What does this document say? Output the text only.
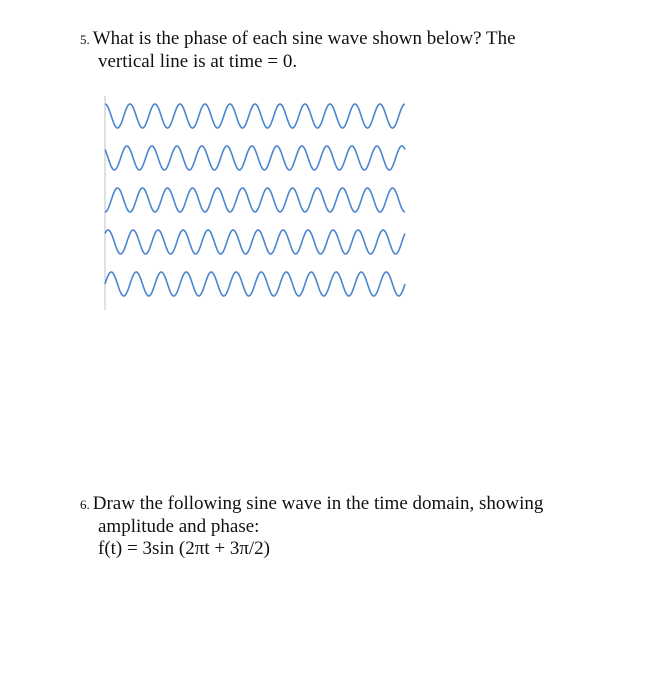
5. What is the phase of each sine wave shown below? The
vertical line is at time = 0.
6. Draw the following sine wave in the time domain, showing
amplitude and phase:
f(t) = 3sin (2πt + 3π/2)
